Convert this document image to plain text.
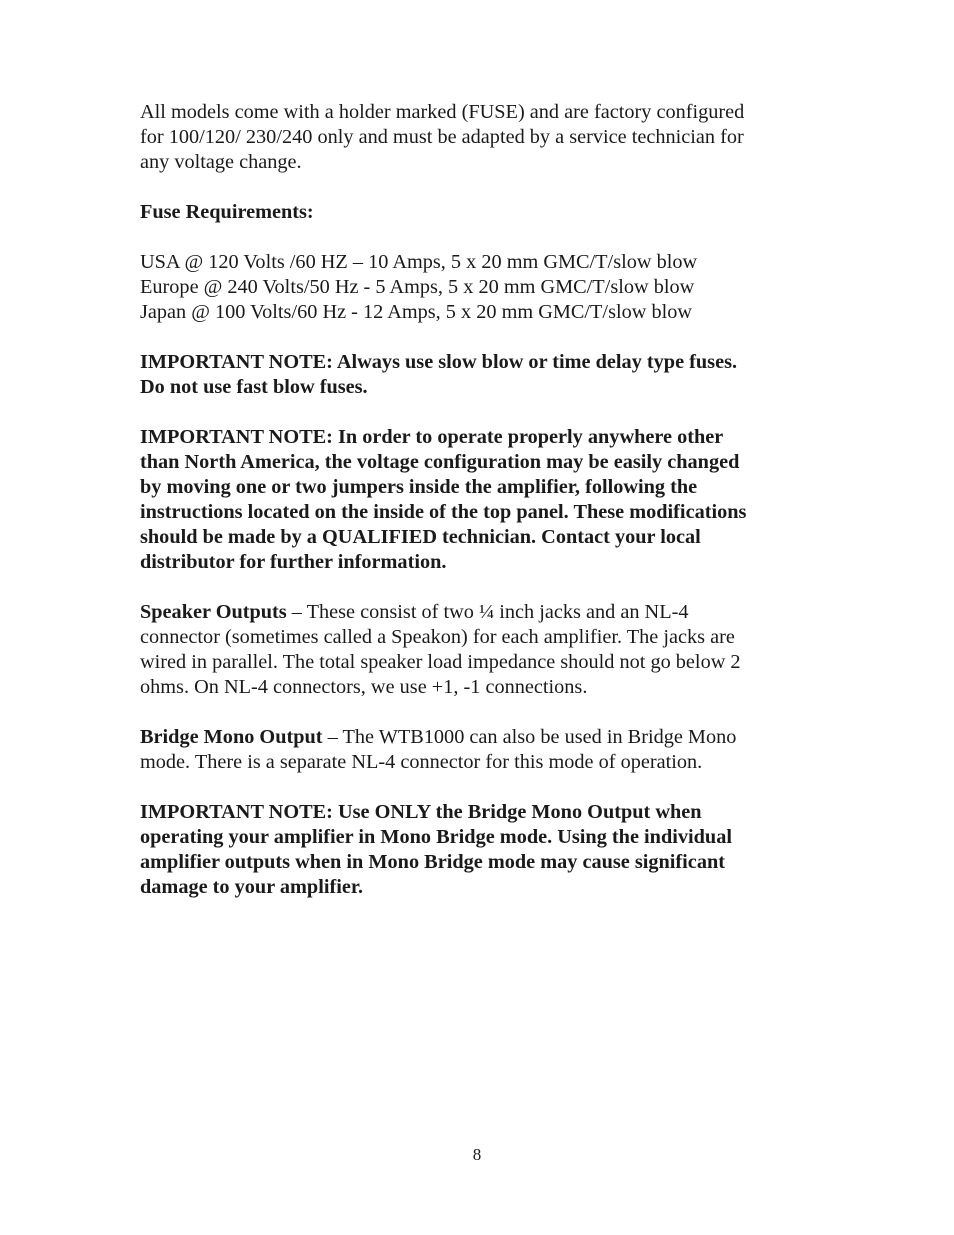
All models come with a holder marked (FUSE) and are factory configured
for 100/120/ 230/240 only and must be adapted by a service technician for
any voltage change.
Fuse Requirements:
USA @ 120 Volts /60 HZ – 10 Amps, 5 x 20 mm GMC/T/slow blow
Europe @ 240 Volts/50 Hz - 5 Amps, 5 x 20 mm GMC/T/slow blow
Japan @ 100 Volts/60 Hz - 12 Amps, 5 x 20 mm GMC/T/slow blow
IMPORTANT NOTE: Always use slow blow or time delay type fuses.
Do not use fast blow fuses.
IMPORTANT NOTE: In order to operate properly anywhere other
than North America, the voltage configuration may be easily changed
by moving one or two jumpers inside the amplifier, following the
instructions located on the inside of the top panel. These modifications
should be made by a QUALIFIED technician. Contact your local
distributor for further information.
Speaker Outputs – These consist of two ¼ inch jacks and an NL-4
connector (sometimes called a Speakon) for each amplifier. The jacks are
wired in parallel. The total speaker load impedance should not go below 2
ohms. On NL-4 connectors, we use +1, -1 connections.
Bridge Mono Output – The WTB1000 can also be used in Bridge Mono
mode. There is a separate NL-4 connector for this mode of operation.
IMPORTANT NOTE: Use ONLY the Bridge Mono Output when
operating your amplifier in Mono Bridge mode. Using the individual
amplifier outputs when in Mono Bridge mode may cause significant
damage to your amplifier.
8
